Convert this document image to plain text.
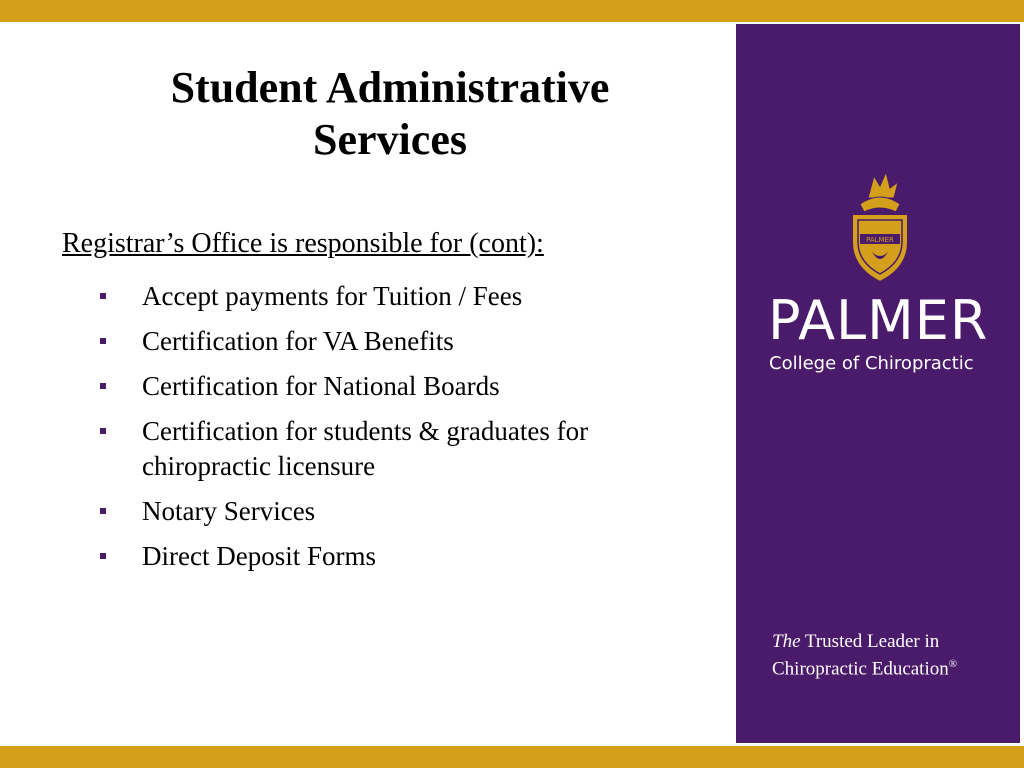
Student Administrative
Services

Registrar’s Office is responsible for (cont):

Accept payments for Tuition / Fees
Certification for VA Benefits
Certification for National Boards
Certification for students & graduates for chiropractic licensure
Notary Services
Direct Deposit Forms
PALMER
PALMER
College of Chiropractic
The Trusted Leader in
Chiropractic Education®
